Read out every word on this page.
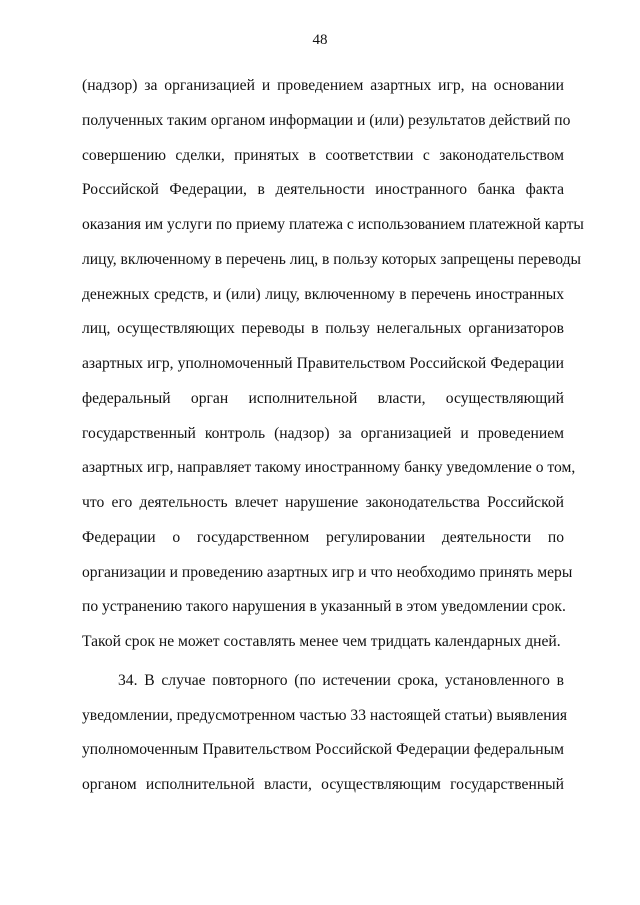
48
(надзор) за организацией и проведением азартных игр, на основании
полученных таким органом информации и (или) результатов действий по
совершению сделки, принятых в соответствии с законодательством
Российской Федерации, в деятельности иностранного банка факта
оказания им услуги по приему платежа с использованием платежной карты
лицу, включенному в перечень лиц, в пользу которых запрещены переводы
денежных средств, и (или) лицу, включенному в перечень иностранных
лиц, осуществляющих переводы в пользу нелегальных организаторов
азартных игр, уполномоченный Правительством Российской Федерации
федеральный орган исполнительной власти, осуществляющий
государственный контроль (надзор) за организацией и проведением
азартных игр, направляет такому иностранному банку уведомление о том,
что его деятельность влечет нарушение законодательства Российской
Федерации о государственном регулировании деятельности по
организации и проведению азартных игр и что необходимо принять меры
по устранению такого нарушения в указанный в этом уведомлении срок.
Такой срок не может составлять менее чем тридцать календарных дней.
34. В случае повторного (по истечении срока, установленного в
уведомлении, предусмотренном частью 33 настоящей статьи) выявления
уполномоченным Правительством Российской Федерации федеральным
органом исполнительной власти, осуществляющим государственный
